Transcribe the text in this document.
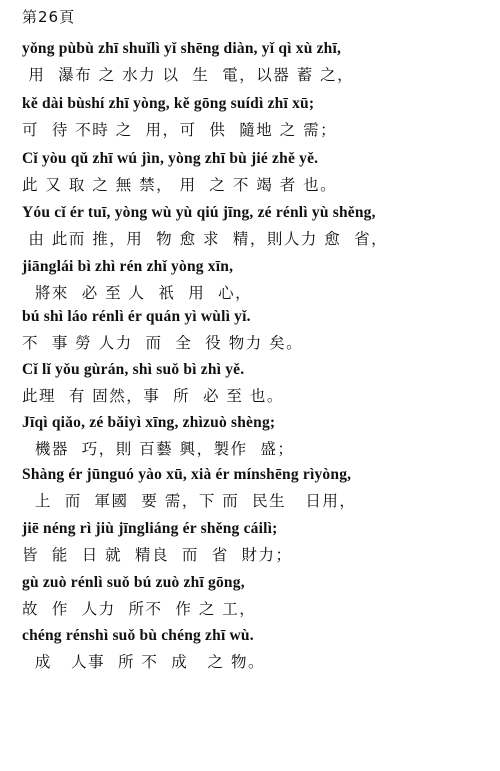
第26頁
yǒng pùbù zhī shuǐlì yǐ shēng diàn, yǐ qì xù zhī,
用  瀑布 之 水力 以  生  電，以器 蓄 之，
kě dài bùshí zhī yòng, kě gōng suídì zhī xū;
可  待 不時 之  用，可  供  隨地 之 需；
Cǐ yòu qǔ zhī wú jìn, yòng zhī bù jié zhě yě.
此 又 取 之 無 禁， 用  之 不 竭 者 也。
Yóu cǐ ér tuī, yòng wù yù qiú jīng, zé rénlì yù shěng,
由 此而 推，用  物 愈 求  精，則人力 愈  省，
jiānglái bì zhì rén zhǐ yòng xīn,
將來  必 至 人  祇  用  心，
bú shì láo rénlì ér quán yì wùlì yǐ.
不  事 勞 人力  而  全  役 物力 矣。
Cǐ lǐ yǒu gùrán, shì suǒ bì zhì yě.
此理  有 固然，事  所  必 至 也。
Jīqì qiǎo, zé bǎiyì xīng, zhìzuò shèng;
機器  巧，則 百藝 興，製作  盛；
Shàng ér jūnguó yào xū, xià ér mínshēng rìyòng,
上  而  軍國  要 需，下 而  民生   日用，
jiē néng rì jiù jīngliáng ér shěng cáilì;
皆  能  日 就  精良  而  省  財力；
gù zuò rénlì suǒ bú zuò zhī gōng,
故  作  人力  所不  作 之 工，
chéng rénshì suǒ bù chéng zhī wù.
成   人事  所 不  成   之 物。
